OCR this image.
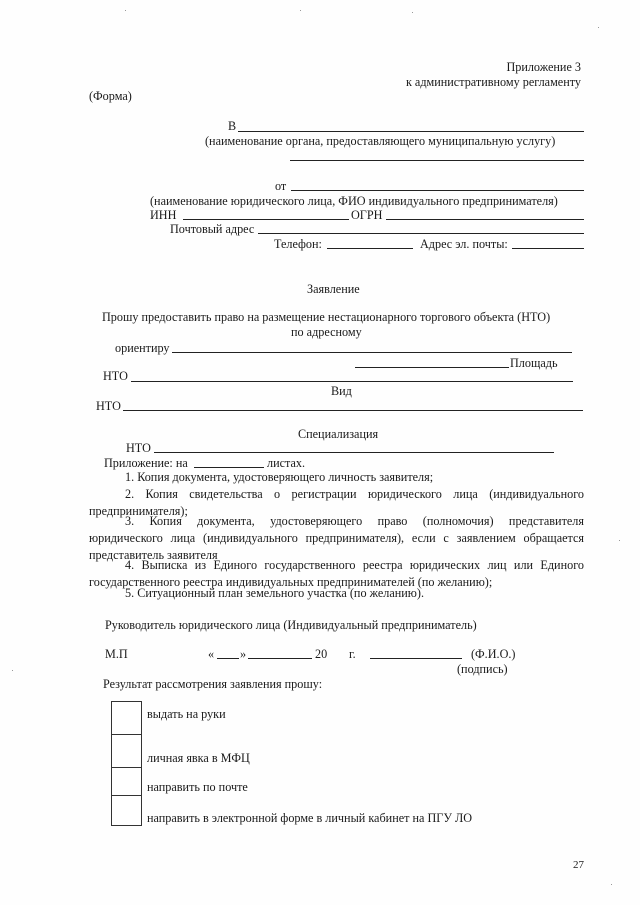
Приложение 3
к административному регламенту
(Форма)
В
(наименование органа, предоставляющего муниципальную услугу)
от
(наименование юридического лица, ФИО индивидуального предпринимателя)
ИНН	ОГРН
Почтовый адрес
Телефон:	Адрес эл. почты:
Заявление
Прошу предоставить право на размещение нестационарного торгового объекта (НТО)
по адресному
ориентиру
Площадь
НТО
Вид
НТО
Специализация
НТО
Приложение: на	листах.
1. Копия документа, удостоверяющего личность заявителя;
2. Копия свидетельства о регистрации юридического лица (индивидуального предпринимателя);
3. Копия документа, удостоверяющего право (полномочия) представителя юридического лица (индивидуального предпринимателя), если с заявлением обращается представитель заявителя
4. Выписка из Единого государственного реестра юридических лиц или Единого государственного реестра индивидуальных предпринимателей (по желанию);
5. Ситуационный план земельного участка (по желанию).
Руководитель юридического лица (Индивидуальный предприниматель)
М.П	« »	20 г.	(Ф.И.О.)
(подпись)
Результат рассмотрения заявления прошу:
выдать на руки
личная явка в МФЦ
направить по почте
направить в электронной форме в личный кабинет на ПГУ ЛО
27
